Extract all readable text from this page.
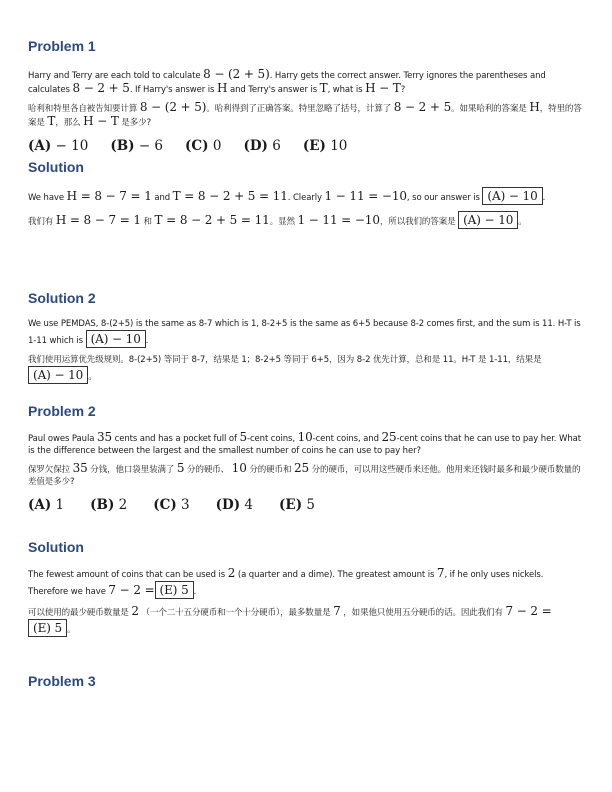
Problem 1

Harry and Terry are each told to calculate 8 − (2 + 5). Harry gets the correct answer. Terry ignores the parentheses and calculates 8 − 2 + 5. If Harry's answer is H and Terry's answer is T, what is H − T?

哈利和特里各自被告知要计算 8 − (2 + 5)。哈利得到了正确答案。特里忽略了括号，计算了 8 − 2 + 5。如果哈利的答案是 H，特里的答案是 T，那么 H − T 是多少?

(A) − 10 (B) − 6 (C) 0 (D) 6 (E) 10
Solution

We have H = 8 − 7 = 1 and T = 8 − 2 + 5 = 11. Clearly 1 − 11 = −10, so our answer is (A) − 10 .

我们有 H = 8 − 7 = 1 和 T = 8 − 2 + 5 = 11。显然 1 − 11 = −10，所以我们的答案是 (A) − 10 。

Solution 2

We use PEMDAS, 8-(2+5) is the same as 8-7 which is 1, 8-2+5 is the same as 6+5 because 8-2 comes first, and the sum is 11. H-T is 1-11 which is (A) − 10 .

我们使用运算优先级规则。8-(2+5) 等同于 8-7，结果是 1；8-2+5 等同于 6+5，因为 8-2 优先计算，总和是 11。H-T 是 1-11，结果是 (A) − 10 。

Problem 2

Paul owes Paula 35 cents and has a pocket full of 5-cent coins, 10-cent coins, and 25-cent coins that he can use to pay her. What is the difference between the largest and the smallest number of coins he can use to pay her?

保罗欠保拉 35 分钱，他口袋里装满了 5 分的硬币、 10 分的硬币和 25 分的硬币，可以用这些硬币来还他。他用来还钱时最多和最少硬币数量的差值是多少?

(A) 1 (B) 2 (C) 3 (D) 4 (E) 5
Solution

The fewest amount of coins that can be used is 2 (a quarter and a dime). The greatest amount is 7, if he only uses nickels. Therefore we have 7 − 2 = (E) 5 .

可以使用的最少硬币数量是 2 （一个二十五分硬币和一个十分硬币），最多数量是 7 ，如果他只使用五分硬币的话。因此我们有 7 − 2 =(E) 5 。

Problem 3
